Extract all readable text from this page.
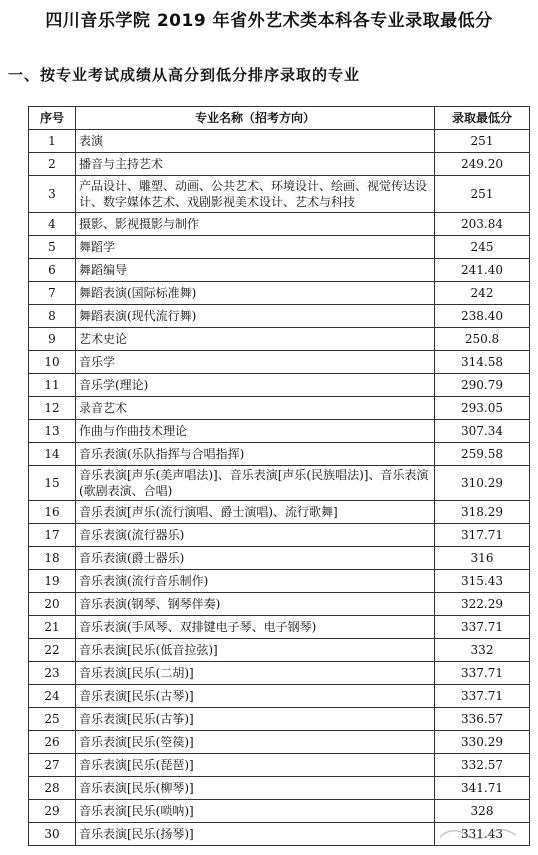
四川音乐学院 2019 年省外艺术类本科各专业录取最低分
一、按专业考试成绩从高分到低分排序录取的专业
序号	专业名称（招考方向）	录取最低分
1	表演	251
2	播音与主持艺术	249.20
3	产品设计、雕塑、动画、公共艺术、环境设计、绘画、视觉传达设计、数字媒体艺术、戏剧影视美术设计、艺术与科技	251
4	摄影、影视摄影与制作	203.84
5	舞蹈学	245
6	舞蹈编导	241.40
7	舞蹈表演(国际标准舞)	242
8	舞蹈表演(现代流行舞)	238.40
9	艺术史论	250.8
10	音乐学	314.58
11	音乐学(理论)	290.79
12	录音艺术	293.05
13	作曲与作曲技术理论	307.34
14	音乐表演(乐队指挥与合唱指挥)	259.58
15	音乐表演[声乐(美声唱法)]、音乐表演[声乐(民族唱法)]、音乐表演(歌剧表演、合唱)	310.29
16	音乐表演[声乐(流行演唱、爵士演唱)、流行歌舞]	318.29
17	音乐表演(流行器乐)	317.71
18	音乐表演(爵士器乐)	316
19	音乐表演(流行音乐制作)	315.43
20	音乐表演(钢琴、钢琴伴奏)	322.29
21	音乐表演(手风琴、双排键电子琴、电子钢琴)	337.71
22	音乐表演[民乐(低音拉弦)]	332
23	音乐表演[民乐(二胡)]	337.71
24	音乐表演[民乐(古琴)]	337.71
25	音乐表演[民乐(古筝)]	336.57
26	音乐表演[民乐(箜篌)]	330.29
27	音乐表演[民乐(琵琶)]	332.57
28	音乐表演[民乐(柳琴)]	341.71
29	音乐表演[民乐(唢呐)]	328
30	音乐表演[民乐(扬琴)]	331.43
